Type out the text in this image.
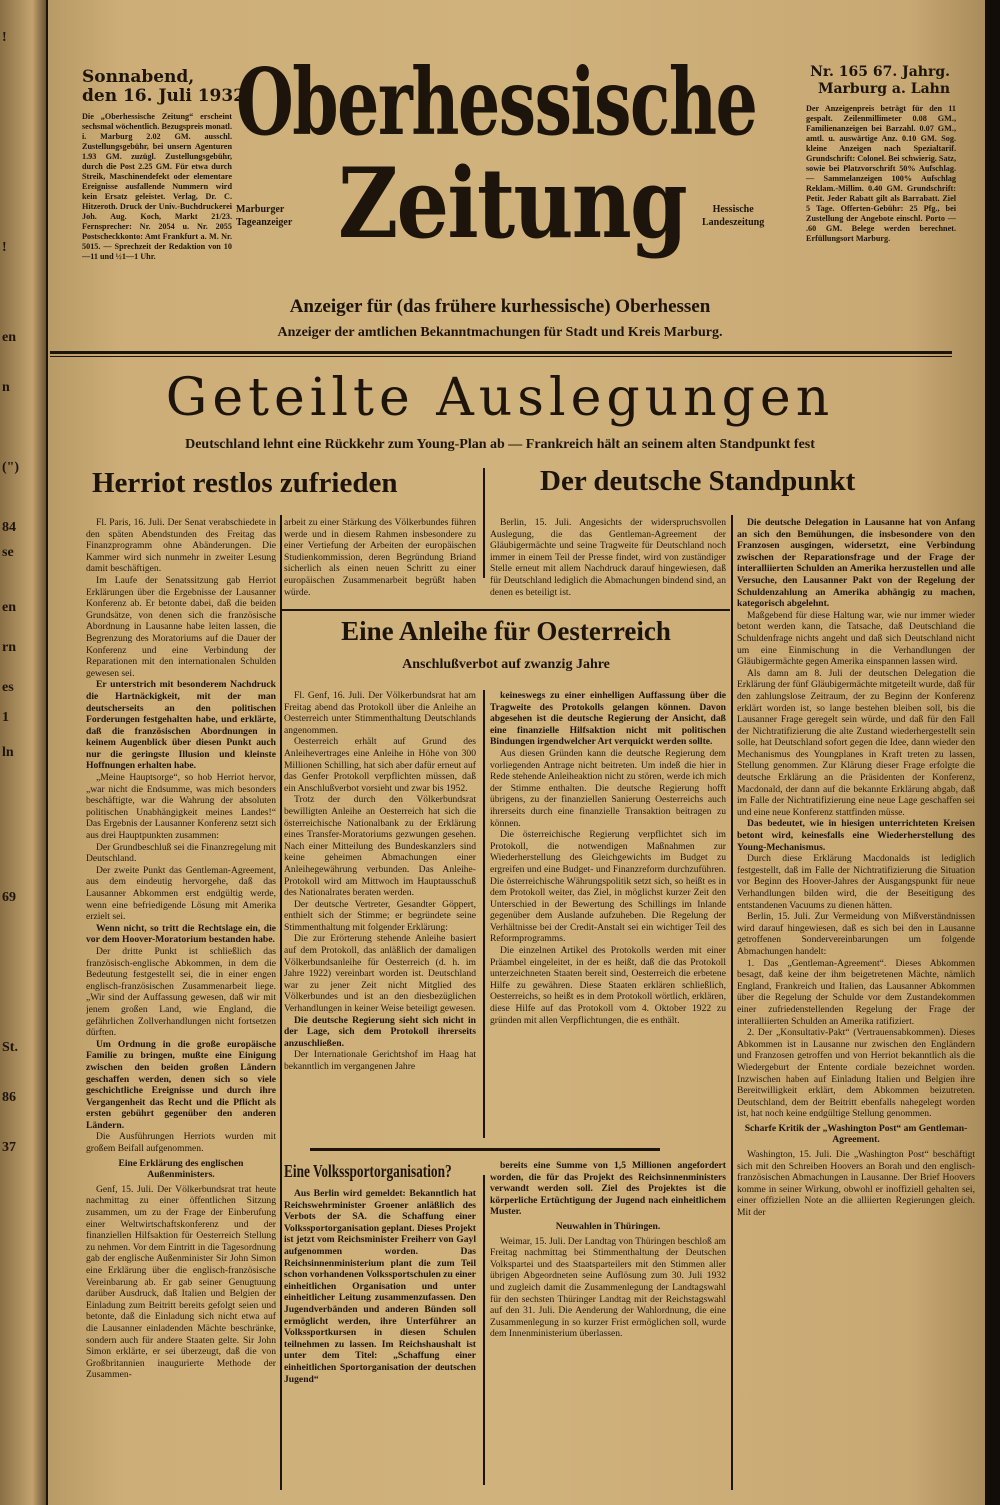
!
!
en
n
(")
84
se
en
rn
es
1
ln
69
St.
86
37
Sonnabend,
den 16. Juli 1932
Die „Oberhessische Zeitung“ erscheint sechsmal wöchentlich. Bezugspreis monatl. i. Marburg 2.02 GM. ausschl. Zustellungsgebühr, bei unsern Agenturen 1.93 GM. zuzügl. Zustellungsgebühr, durch die Post 2.25 GM. Für etwa durch Streik, Maschinendefekt oder elementare Ereignisse ausfallende Nummern wird kein Ersatz geleistet. Verlag, Dr. C. Hitzeroth. Druck der Univ.-Buchdruckerei Joh. Aug. Koch, Markt 21/23. Fernsprecher: Nr. 2054 u. Nr. 2055 Postscheckkonto: Amt Frankfurt a. M. Nr. 5015. — Sprechzeit der Redaktion von 10—11 und ½1—1 Uhr.
Oberhessische
Zeitung
Marburger
Tageanzeiger
Hessische
Landeszeitung
Nr. 165 67. Jahrg.
Marburg a. Lahn
Der Anzeigenpreis beträgt für den 11 gespalt. Zeilenmillimeter 0.08 GM., Familienanzeigen bei Barzahl. 0.07 GM., amtl. u. auswärtige Anz. 0.10 GM. Sog. kleine Anzeigen nach Spezialtarif. Grundschrift: Colonel. Bei schwierig. Satz, sowie bei Platzvorschrift 50% Aufschlag. — Sammelanzeigen 100% Aufschlag Reklam.-Millim. 0.40 GM. Grundschrift: Petit. Jeder Rabatt gilt als Barrabatt. Ziel 5 Tage. Offerten-Gebühr: 25 Pfg., bei Zustellung der Angebote einschl. Porto — .60 GM. Belege werden berechnet. Erfüllungsort Marburg.
Anzeiger für (das frühere kurhessische) Oberhessen
Anzeiger der amtlichen Bekanntmachungen für Stadt und Kreis Marburg.
Geteilte Auslegungen
Deutschland lehnt eine Rückkehr zum Young-Plan ab — Frankreich hält an seinem alten Standpunkt fest
Herriot restlos zufrieden	Der deutsche Standpunkt

Fl. Paris, 16. Juli. Der Senat verabschiedete in den späten Abendstunden des Freitag das Finanzprogramm ohne Abänderungen. Die Kammer wird sich nunmehr in zweiter Lesung damit beschäftigen.

Im Laufe der Senatssitzung gab Herriot Erklärungen über die Ergebnisse der Lausanner Konferenz ab. Er betonte dabei, daß die beiden Grundsätze, von denen sich die französische Abordnung in Lausanne habe leiten lassen, die Begrenzung des Moratoriums auf die Dauer der Konferenz und eine Verbindung der Reparationen mit den internationalen Schulden gewesen sei.

Er unterstrich mit besonderem Nachdruck die Hartnäckigkeit, mit der man deutscherseits an den politischen Forderungen festgehalten habe, und erklärte, daß die französischen Abordnungen in keinem Augenblick über diesen Punkt auch nur die geringste Illusion und kleinste Hoffnungen erhalten habe.

„Meine Hauptsorge“, so hob Herriot hervor, „war nicht die Endsumme, was mich besonders beschäftigte, war die Wahrung der absoluten politischen Unabhängigkeit meines Landes!“ Das Ergebnis der Lausanner Konferenz setzt sich aus drei Hauptpunkten zusammen:

Der Grundbeschluß sei die Finanzregelung mit Deutschland.

Der zweite Punkt das Gentleman-Agreement, aus dem eindeutig hervorgehe, daß das Lausanner Abkommen erst endgültig werde, wenn eine befriedigende Lösung mit Amerika erzielt sei.

Wenn nicht, so tritt die Rechtslage ein, die vor dem Hoover-Moratorium bestanden habe.

Der dritte Punkt ist schließlich das französisch-englische Abkommen, in dem die Bedeutung festgestellt sei, die in einer engen englisch-französischen Zusammenarbeit liege. „Wir sind der Auffassung gewesen, daß wir mit jenem großen Land, wie England, die gefährlichen Zollverhandlungen nicht fortsetzen dürften.

Um Ordnung in die große europäische Familie zu bringen, mußte eine Einigung zwischen den beiden großen Ländern geschaffen werden, denen sich so viele geschichtliche Ereignisse und durch ihre Vergangenheit das Recht und die Pflicht als ersten gebührt gegenüber den anderen Ländern.

Die Ausführungen Herriots wurden mit großem Beifall aufgenommen.

Eine Erklärung des englischen Außenministers.

Genf, 15. Juli. Der Völkerbundsrat trat heute nachmittag zu einer öffentlichen Sitzung zusammen, um zu der Frage der Einberufung einer Weltwirtschaftskonferenz und der finanziellen Hilfsaktion für Oesterreich Stellung zu nehmen. Vor dem Eintritt in die Tagesordnung gab der englische Außenminister Sir John Simon eine Erklärung über die englisch-französische Vereinbarung ab. Er gab seiner Genugtuung darüber Ausdruck, daß Italien und Belgien der Einladung zum Beitritt bereits gefolgt seien und betonte, daß die Einladung sich nicht etwa auf die Lausanner einladenden Mächte beschränke, sondern auch für andere Staaten gelte. Sir John Simon erklärte, er sei überzeugt, daß die von Großbritannien inaugurierte Methode der Zusammen-

arbeit zu einer Stärkung des Völkerbundes führen werde und in diesem Rahmen insbesondere zu einer Vertiefung der Arbeiten der europäischen Studienkommission, deren Begründung Briand sicherlich als einen neuen Schritt zu einer europäischen Zusammenarbeit begrüßt haben würde.

Berlin, 15. Juli. Angesichts der widerspruchsvollen Auslegung, die das Gentleman-Agreement der Gläubigermächte und seine Tragweite für Deutschland noch immer in einem Teil der Presse findet, wird von zuständiger Stelle erneut mit allem Nachdruck darauf hingewiesen, daß für Deutschland lediglich die Abmachungen bindend sind, an denen es beteiligt ist.

Die deutsche Delegation in Lausanne hat von Anfang an sich den Bemühungen, die insbesondere von den Franzosen ausgingen, widersetzt, eine Verbindung zwischen der Reparationsfrage und der Frage der interalliierten Schulden an Amerika herzustellen und alle Versuche, den Lausanner Pakt von der Regelung der Schuldenzahlung an Amerika abhängig zu machen, kategorisch abgelehnt.

Maßgebend für diese Haltung war, wie nur immer wieder betont werden kann, die Tatsache, daß Deutschland die Schuldenfrage nichts angeht und daß sich Deutschland nicht um eine Einmischung in die Verhandlungen der Gläubigermächte gegen Amerika einspannen lassen wird.

Als damn am 8. Juli der deutschen Delegation die Erklärung der fünf Gläubigermächte mitgeteilt wurde, daß für den zahlungslose Zeitraum, der zu Beginn der Konferenz erklärt worden ist, so lange bestehen bleiben soll, bis die Lausanner Frage geregelt sein würde, und daß für den Fall der Nichtratifizierung die alte Zustand wiederhergestellt sein solle, hat Deutschland sofort gegen die Idee, dann wieder den Mechanismus des Youngplanes in Kraft treten zu lassen, Stellung genommen. Zur Klärung dieser Frage erfolgte die deutsche Erklärung an die Präsidenten der Konferenz, Macdonald, der dann auf die bekannte Erklärung abgab, daß im Falle der Nichtratifizierung eine neue Lage geschaffen sei und eine neue Konferenz stattfinden müsse.

Das bedeutet, wie in hiesigen unterrichteten Kreisen betont wird, keinesfalls eine Wiederherstellung des Young-Mechanismus.

Durch diese Erklärung Macdonalds ist lediglich festgestellt, daß im Falle der Nichtratifizierung die Situation vor Beginn des Hoover-Jahres der Ausgangspunkt für neue Verhandlungen bilden wird, die der Beseitigung des entstandenen Vacuums zu dienen hätten.

Berlin, 15. Juli. Zur Vermeidung von Mißverständnissen wird darauf hingewiesen, daß es sich bei den in Lausanne getroffenen Sondervereinbarungen um folgende Abmachungen handelt:

1. Das „Gentleman-Agreement“. Dieses Abkommen besagt, daß keine der ihm beigetretenen Mächte, nämlich England, Frankreich und Italien, das Lausanner Abkommen über die Regelung der Schulde vor dem Zustandekommen einer zufriedenstellenden Regelung der Frage der interalliierten Schulden an Amerika ratifiziert.

2. Der „Konsultativ-Pakt“ (Vertrauensabkommen). Dieses Abkommen ist in Lausanne nur zwischen den Engländern und Franzosen getroffen und von Herriot bekanntlich als die Wiedergeburt der Entente cordiale bezeichnet worden. Inzwischen haben auf Einladung Italien und Belgien ihre Bereitwilligkeit erklärt, dem Abkommen beizutreten. Deutschland, dem der Beitritt ebenfalls nahegelegt worden ist, hat noch keine endgültige Stellung genommen.

Scharfe Kritik der „Washington Post“ am Gentleman-Agreement.

Washington, 15. Juli. Die „Washington Post“ beschäftigt sich mit den Schreiben Hoovers an Borah und den englisch-französischen Abmachungen in Lausanne. Der Brief Hoovers komme in seiner Wirkung, obwohl er inoffiziell gehalten sei, einer offiziellen Note an die alliierten Regierungen gleich. Mit der

Eine Anleihe für Oesterreich
Anschlußverbot auf zwanzig Jahre

Fl. Genf, 16. Juli. Der Völkerbundsrat hat am Freitag abend das Protokoll über die Anleihe an Oesterreich unter Stimmenthaltung Deutschlands angenommen.

Oesterreich erhält auf Grund des Anleihevertrages eine Anleihe in Höhe von 300 Millionen Schilling, hat sich aber dafür erneut auf das Genfer Protokoll verpflichten müssen, daß ein Anschlußverbot vorsieht und zwar bis 1952.

Trotz der durch den Völkerbundsrat bewilligten Anleihe an Oesterreich hat sich die österreichische Nationalbank zu der Erklärung eines Transfer-Moratoriums gezwungen gesehen. Nach einer Mitteilung des Bundeskanzlers sind keine geheimen Abmachungen einer Anleihegewährung verbunden. Das Anleihe-Protokoll wird am Mittwoch im Hauptausschuß des Nationalrates beraten werden.

Der deutsche Vertreter, Gesandter Göppert, enthielt sich der Stimme; er begründete seine Stimmenthaltung mit folgender Erklärung:

Die zur Erörterung stehende Anleihe basiert auf dem Protokoll, das anläßlich der damaligen Völkerbundsanleihe für Oesterreich (d. h. im Jahre 1922) vereinbart worden ist. Deutschland war zu jener Zeit nicht Mitglied des Völkerbundes und ist an den diesbezüglichen Verhandlungen in keiner Weise beteiligt gewesen.

Die deutsche Regierung sieht sich nicht in der Lage, sich dem Protokoll ihrerseits anzuschließen.

Der Internationale Gerichtshof im Haag hat bekanntlich im vergangenen Jahre

keineswegs zu einer einhelligen Auffassung über die Tragweite des Protokolls gelangen können. Davon abgesehen ist die deutsche Regierung der Ansicht, daß eine finanzielle Hilfsaktion nicht mit politischen Bindungen irgendwelcher Art verquickt werden sollte.

Aus diesen Gründen kann die deutsche Regierung dem vorliegenden Antrage nicht beitreten. Um indeß die hier in Rede stehende Anleiheaktion nicht zu stören, werde ich mich der Stimme enthalten. Die deutsche Regierung hofft übrigens, zu der finanziellen Sanierung Oesterreichs auch ihrerseits durch eine finanzielle Transaktion beitragen zu können.

Die österreichische Regierung verpflichtet sich im Protokoll, die notwendigen Maßnahmen zur Wiederherstellung des Gleichgewichts im Budget zu ergreifen und eine Budget- und Finanzreform durchzuführen. Die österreichische Währungspolitik setzt sich, so heißt es in dem Protokoll weiter, das Ziel, in möglichst kurzer Zeit den Unterschied in der Bewertung des Schillings im Inlande gegenüber dem Auslande aufzuheben. Die Regelung der Verhältnisse bei der Credit-Anstalt sei ein wichtiger Teil des Reformprogramms.

Die einzelnen Artikel des Protokolls werden mit einer Präambel eingeleitet, in der es heißt, daß die das Protokoll unterzeichneten Staaten bereit sind, Oesterreich die erbetene Hilfe zu gewähren. Diese Staaten erklären schließlich, Oesterreichs, so heißt es in dem Protokoll wörtlich, erklären, diese Hilfe auf das Protokoll vom 4. Oktober 1922 zu gründen mit allen Verpflichtungen, die es enthält.

Eine Volkssportorganisation?

Aus Berlin wird gemeldet: Bekanntlich hat Reichswehrminister Groener anläßlich des Verbots der SA. die Schaffung einer Volkssportorganisation geplant. Dieses Projekt ist jetzt vom Reichsminister Freiherr von Gayl aufgenommen worden. Das Reichsinnenministerium plant die zum Teil schon vorhandenen Volkssportschulen zu einer einheitlichen Organisation und unter einheitlicher Leitung zusammenzufassen. Den Jugendverbänden und anderen Bünden soll ermöglicht werden, ihre Unterführer an Volkssportkursen in diesen Schulen teilnehmen zu lassen. Im Reichshaushalt ist unter dem Titel: „Schaffung einer einheitlichen Sportorganisation der deutschen Jugend“

bereits eine Summe von 1,5 Millionen angefordert worden, die für das Projekt des Reichsinnenministers verwandt werden soll. Ziel des Projektes ist die körperliche Ertüchtigung der Jugend nach einheitlichem Muster.

Neuwahlen in Thüringen.

Weimar, 15. Juli. Der Landtag von Thüringen beschloß am Freitag nachmittag bei Stimmenthaltung der Deutschen Volkspartei und des Staatsparteilers mit den Stimmen aller übrigen Abgeordneten seine Auflösung zum 30. Juli 1932 und zugleich damit die Zusammenlegung der Landtagswahl für den sechsten Thüringer Landtag mit der Reichstagswahl auf den 31. Juli. Die Aenderung der Wahlordnung, die eine Zusammenlegung in so kurzer Frist ermöglichen soll, wurde dem Innenministerium überlassen.
